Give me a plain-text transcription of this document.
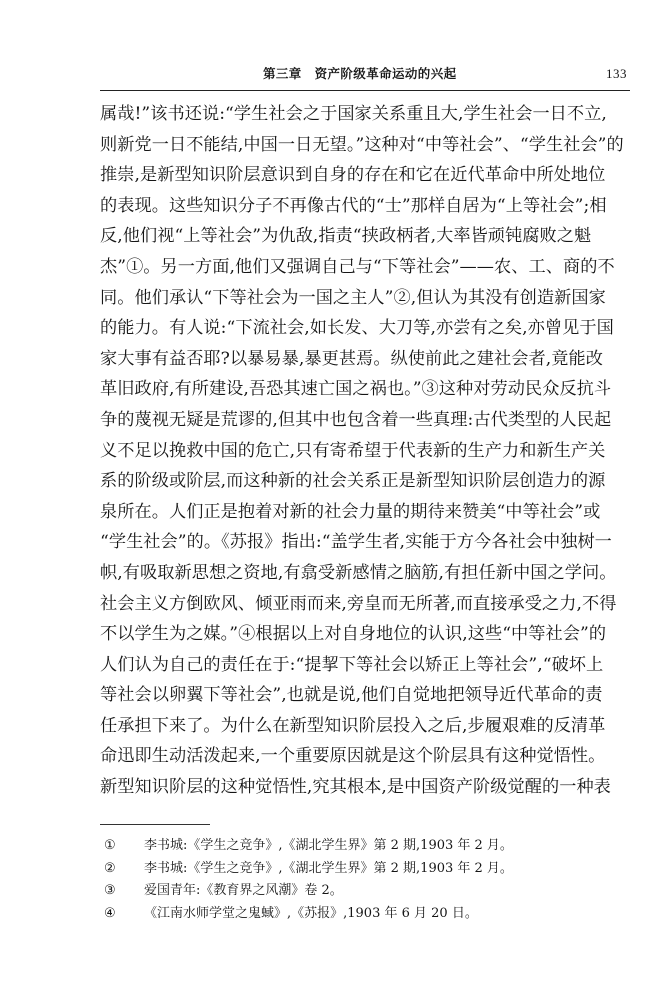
第三章　资产阶级革命运动的兴起	133
属哉!”该书还说:“学生社会之于国家关系重且大,学生社会一日不立,
则新党一日不能结,中国一日无望。”这种对“中等社会”、“学生社会”的
推崇,是新型知识阶层意识到自身的存在和它在近代革命中所处地位
的表现。这些知识分子不再像古代的“士”那样自居为“上等社会”;相
反,他们视“上等社会”为仇敌,指责“挟政柄者,大率皆顽钝腐败之魁
杰”①。另一方面,他们又强调自己与“下等社会”——农、工、商的不
同。他们承认“下等社会为一国之主人”②,但认为其没有创造新国家
的能力。有人说:“下流社会,如长发、大刀等,亦尝有之矣,亦曾见于国
家大事有益否耶?以暴易暴,暴更甚焉。纵使前此之建社会者,竟能改
革旧政府,有所建设,吾恐其速亡国之祸也。”③这种对劳动民众反抗斗
争的蔑视无疑是荒谬的,但其中也包含着一些真理:古代类型的人民起
义不足以挽救中国的危亡,只有寄希望于代表新的生产力和新生产关
系的阶级或阶层,而这种新的社会关系正是新型知识阶层创造力的源
泉所在。人们正是抱着对新的社会力量的期待来赞美“中等社会”或
“学生社会”的。《苏报》指出:“盖学生者,实能于方今各社会中独树一
帜,有吸取新思想之资地,有翕受新感情之脑筋,有担任新中国之学问。
社会主义方倒欧风、倾亚雨而来,旁皇而无所著,而直接承受之力,不得
不以学生为之媒。”④根据以上对自身地位的认识,这些“中等社会”的
人们认为自己的责任在于:“提挈下等社会以矫正上等社会”,“破坏上
等社会以卵翼下等社会”,也就是说,他们自觉地把领导近代革命的责
任承担下来了。为什么在新型知识阶层投入之后,步履艰难的反清革
命迅即生动活泼起来,一个重要原因就是这个阶层具有这种觉悟性。
新型知识阶层的这种觉悟性,究其根本,是中国资产阶级觉醒的一种表
①	李书城:《学生之竞争》,《湖北学生界》第 2 期,1903 年 2 月。
②	李书城:《学生之竞争》,《湖北学生界》第 2 期,1903 年 2 月。
③	爱国青年:《教育界之风潮》卷 2。
④	《江南水师学堂之鬼蜮》,《苏报》,1903 年 6 月 20 日。
